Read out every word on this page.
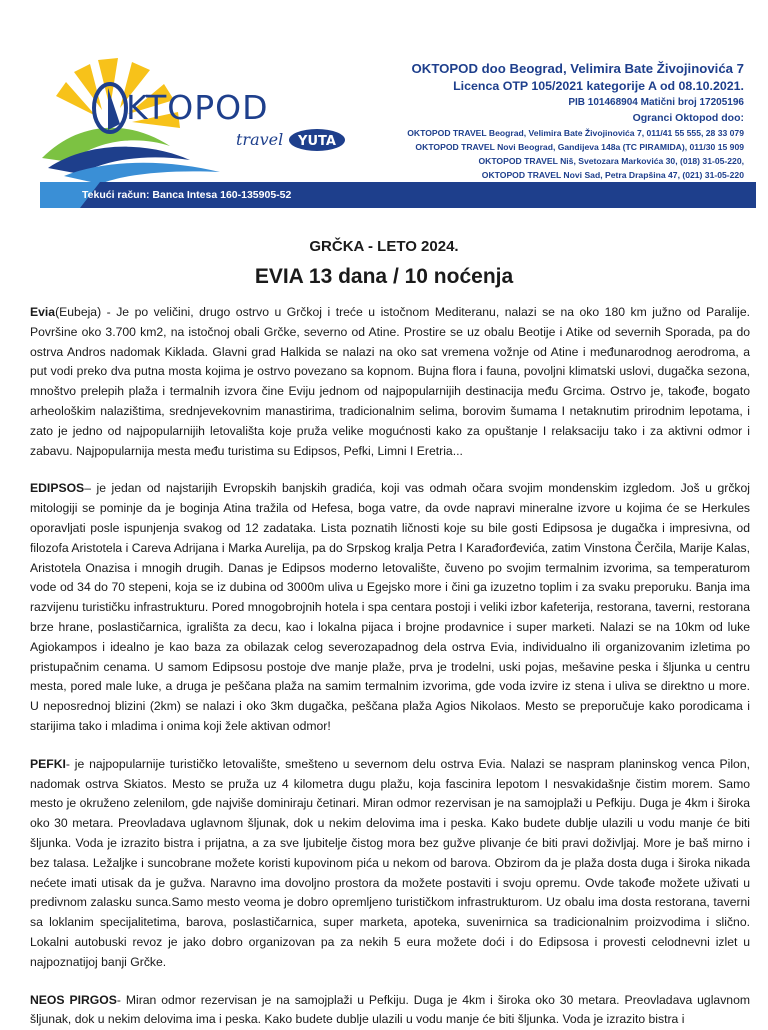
KTOPOD
travel YUTA
OKTOPOD doo Beograd, Velimira Bate Živojinovića 7
Licenca OTP 105/2021 kategorije A od 08.10.2021.
PIB 101468904 Matični broj 17205196
Ogranci Oktopod doo:
OKTOPOD TRAVEL Beograd, Velimira Bate Živojinovića 7, 011/41 55 555, 28 33 079
OKTOPOD TRAVEL Novi Beograd, Gandijeva 148a (TC PIRAMIDA), 011/30 15 909
OKTOPOD TRAVEL Niš, Svetozara Markovića 30, (018) 31-05-220,
OKTOPOD TRAVEL Novi Sad, Petra Drapšina 47, (021) 31-05-220
Tekući račun: Banca Intesa 160-135905-52
GRČKA - LETO 2024.
EVIA 13 dana / 10 noćenja

Evia(Eubeja) - Je po veličini, drugo ostrvo u Grčkoj i treće u istočnom Mediteranu, nalazi se na oko 180 km južno od Paralije. Površine oko 3.700 km2, na istočnoj obali Grčke, severno od Atine. Prostire se uz obalu Beotije i Atike od severnih Sporada, pa do ostrva Andros nadomak Kiklada. Glavni grad Halkida se nalazi na oko sat vremena vožnje od Atine i međunarodnog aerodroma, a put vodi preko dva putna mosta kojima je ostrvo povezano sa kopnom. Bujna flora i fauna, povoljni klimatski uslovi, dugačka sezona, mnoštvo prelepih plaža i termalnih izvora čine Eviju jednom od najpopularnijih destinacija među Grcima. Ostrvo je, takođe, bogato arheološkim nalazištima, srednjevekovnim manastirima, tradicionalnim selima, borovim šumama I netaknutim prirodnim lepotama, i zato je jedno od najpopularnijih letovališta koje pruža velike mogućnosti kako za opuštanje I relaksaciju tako i za aktivni odmor i zabavu. Najpopularnija mesta među turistima su Edipsos, Pefki, Limni I Eretria...

EDIPSOS– je jedan od najstarijih Evropskih banjskih gradića, koji vas odmah očara svojim mondenskim izgledom. Još u grčkoj mitologiji se pominje da je boginja Atina tražila od Hefesa, boga vatre, da ovde napravi mineralne izvore u kojima će se Herkules oporavljati posle ispunjenja svakog od 12 zadataka. Lista poznatih ličnosti koje su bile gosti Edipsosa je dugačka i impresivna, od filozofa Aristotela i Careva Adrijana i Marka Aurelija, pa do Srpskog kralja Petra I Karađorđevića, zatim Vinstona Čerčila, Marije Kalas, Aristotela Onazisa i mnogih drugih. Danas je Edipsos moderno letovalište, čuveno po svojim termalnim izvorima, sa temperaturom vode od 34 do 70 stepeni, koja se iz dubina od 3000m uliva u Egejsko more i čini ga izuzetno toplim i za svaku preporuku. Banja ima razvijenu turističku infrastrukturu. Pored mnogobrojnih hotela i spa centara postoji i veliki izbor kafeterija, restorana, taverni, restorana brze hrane, poslastičarnica, igrališta za decu, kao i lokalna pijaca i brojne prodavnice i super marketi. Nalazi se na 10km od luke Agiokampos i idealno je kao baza za obilazak celog severozapadnog dela ostrva Evia, individualno ili organizovanim izletima po pristupačnim cenama. U samom Edipsosu postoje dve manje plaže, prva je trodelni, uski pojas, mešavine peska i šljunka u centru mesta, pored male luke, a druga je peščana plaža na samim termalnim izvorima, gde voda izvire iz stena i uliva se direktno u more. U neposrednoj blizini (2km) se nalazi i oko 3km dugačka, peščana plaža Agios Nikolaos. Mesto se preporučuje kako porodicama i starijima tako i mladima i onima koji žele aktivan odmor!

PEFKI- je najpopularnije turističko letovalište, smešteno u severnom delu ostrva Evia. Nalazi se naspram planinskog venca Pilon, nadomak ostrva Skiatos. Mesto se pruža uz 4 kilometra dugu plažu, koja fascinira lepotom I nesvakidašnje čistim morem. Samo mesto je okruženo zelenilom, gde najviše dominiraju četinari. Miran odmor rezervisan je na samojplaži u Pefkiju. Duga je 4km i široka oko 30 metara. Preovladava uglavnom šljunak, dok u nekim delovima ima i peska. Kako budete dublje ulazili u vodu manje će biti šljunka. Voda je izrazito bistra i prijatna, a za sve ljubitelje čistog mora bez gužve plivanje će biti pravi doživljaj. More je baš mirno i bez talasa. Ležaljke i suncobrane možete koristi kupovinom pića u nekom od barova. Obzirom da je plaža dosta duga i široka nikada nećete imati utisak da je gužva. Naravno ima dovoljno prostora da možete postaviti i svoju opremu. Ovde takođe možete uživati u predivnom zalasku sunca.Samo mesto veoma je dobro opremljeno turističkom infrastrukturom. Uz obalu ima dosta restorana, taverni sa loklanim specijalitetima, barova, poslastičarnica, super marketa, apoteka, suvenirnica sa tradicionalnim proizvodima i slično. Lokalni autobuski revoz je jako dobro organizovan pa za nekih 5 eura možete doći i do Edipsosa i provesti celodnevni izlet u najpoznatijoj banji Grčke.

NEOS PIRGOS- Miran odmor rezervisan je na samojplaži u Pefkiju. Duga je 4km i široka oko 30 metara. Preovladava uglavnom šljunak, dok u nekim delovima ima i peska. Kako budete dublje ulazili u vodu manje će biti šljunka. Voda je izrazito bistra i
